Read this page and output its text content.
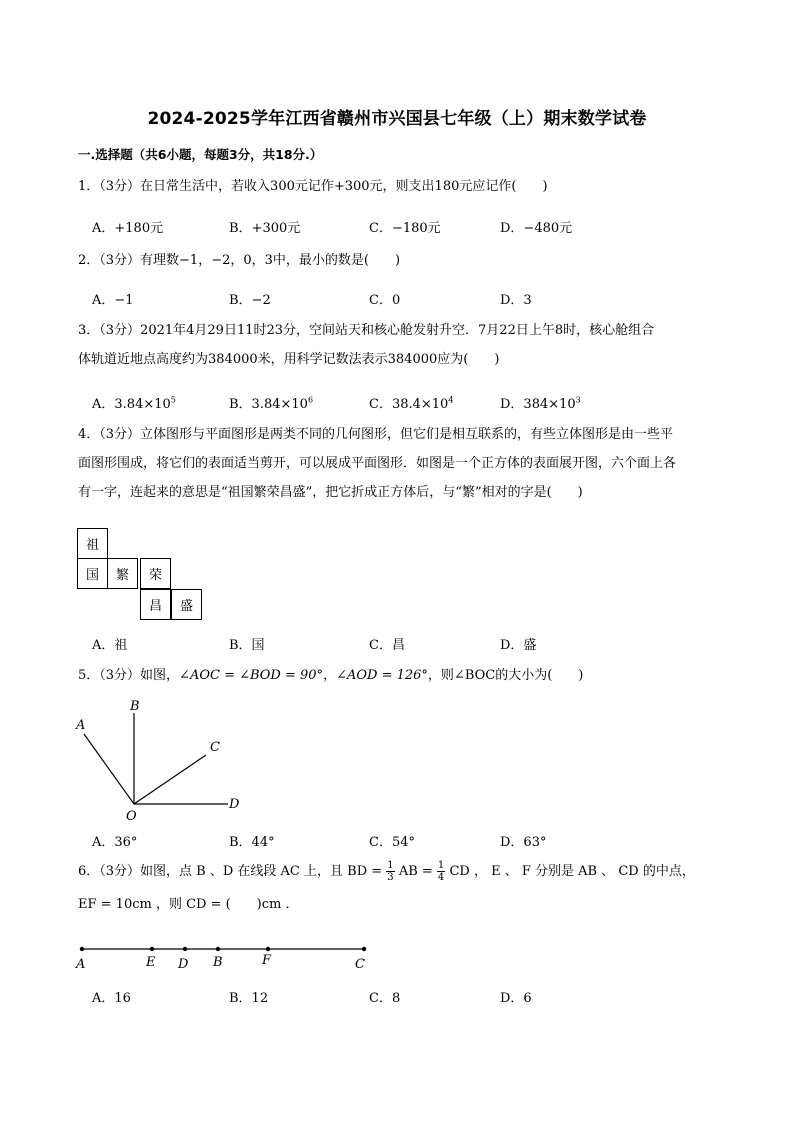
2024-2025学年江西省赣州市兴国县七年级（上）期末数学试卷
一.选择题（共6小题，每题3分，共18分.）
1．（3分）在日常生活中，若收入300元记作+300元，则支出180元应记作(　　)
A．+180元	B．+300元	C．−180元	D．−480元
2．（3分）有理数−1，−2，0，3中，最小的数是(　　)
A．−1	B．−2	C．0	D．3
3．（3分）2021年4月29日11时23分，空间站天和核心舱发射升空．7月22日上午8时，核心舱组合
体轨道近地点高度约为384000米，用科学记数法表示384000应为(　　)
A．$3.84\times 10^5$	B．$3.84\times 10^6$	C．$38.4\times 10^4$	D．$384\times 10^3$
4．（3分）立体图形与平面图形是两类不同的几何图形，但它们是相互联系的，有些立体图形是由一些平
面图形围成，将它们的表面适当剪开，可以展成平面图形．如图是一个正方体的表面展开图，六个面上各
有一字，连起来的意思是“祖国繁荣昌盛”，把它折成正方体后，与“繁”相对的字是(　　)
祖
国	繁	荣
昌	盛
A．祖	B．国	C．昌	D．盛
5．（3分）如图，∠AOC = ∠BOD = 90°，∠AOD = 126°，则∠BOC的大小为(　　)
A
B
C
D
O
A．36°	B．44°	C．54°	D．63°
6．（3分）如图，点 B 、D 在线段 AC 上，且 BD = $\frac{1}{3}$ AB = $\frac{1}{4}$ CD ， E 、 F 分别是 AB 、 CD 的中点，
EF = 10cm ，则 CD = (　　)cm ．
A	E D B	F	C
A．16	B．12	C．8	D．6
